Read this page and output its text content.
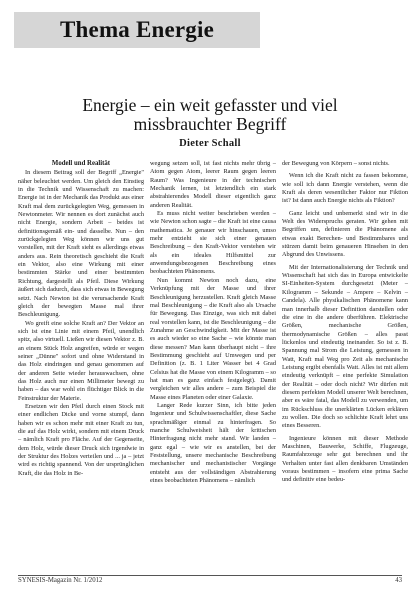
Thema Energie
Energie – ein weit gefasster und viel
missbrauchter Begriff
Dieter Schall
Modell und Realität

In diesem Beitrag soll der Begriff „Energie" näher beleuchtet werden. Um gleich den Einstieg in die Technik und Wissenschaft zu machen: Energie ist in der Mechanik das Produkt aus einer Kraft mal dem zurückgelegten Weg, gemessen in Newtonmeter. Wir nennen es dort zunächst auch nicht Energie, sondern Arbeit – beides ist definitionsgemäß ein- und dasselbe. Nun – den zurückgelegten Weg können wir uns gut vorstellen, mit der Kraft sieht es allerdings etwas anders aus. Rein theoretisch geschieht die Kraft ein Vektor, also eine Wirkung mit einer bestimmten Stärke und einer bestimmten Richtung, dargestellt als Pfeil. Diese Wirkung äußert sich dadurch, dass sich etwas in Bewegung setzt. Nach Newton ist die verursachende Kraft gleich der bewegten Masse mal ihrer Beschleunigung.

Wo greift eine solche Kraft an? Der Vektor an sich ist eine Linie mit einem Pfeil, unendlich spitz, also virtuell. Ließen wir diesen Vektor z. B. an einem Stück Holz angreifen, würde er wegen seiner „Dünne" sofort und ohne Widerstand in das Holz eindringen und genau genommen auf der anderen Seite wieder herauswachsen, ohne das Holz auch nur einen Millimeter bewegt zu haben – das war wohl ein flüchtiger Blick in die Feinstruktur der Materie.

Ersetzen wir den Pfeil durch einen Stock mit einer endlichen Dicke und vorne stumpf, dann haben wir es schon mehr mit einer Kraft zu tun, die auf das Holz wirkt, sondern mit einem Druck – nämlich Kraft pro Fläche. Auf der Gegenseite, dem Holz, würde dieser Druck sich irgendwie in der Struktur des Holzes verteilen und ... ja – jetzt wird es richtig spannend. Von der ursprünglichen Kraft, die das Holz in Be-

wegung setzen soll, ist fast nichts mehr übrig – Atom gegen Atom, leerer Raum gegen leeren Raum? Was Ingenieure in der technischen Mechanik lernen, ist letztendlich ein stark abstrahierendes Modell dieser eigentlich ganz anderen Realität.

Es muss nicht weiter beschrieben werden – wie Newton schon sagte – die Kraft ist eine causa mathematica. Je genauer wir hinschauen, umso mehr entzieht sie sich einer genauen Beschreibung – den Kraft-Vektor verstehen wir als ein ideales Hilfsmittel zur anwendungsbezogenen Beschreibung eines beobachteten Phänomens.

Nun kommt Newton noch dazu, eine Verknüpfung mit der Masse und ihrer Beschleunigung herzustellen. Kraft gleich Masse mal Beschleunigung – die Kraft also als Ursache für Bewegung. Das Einzige, was sich mit dabei real vorstellen kann, ist die Beschleunigung – die Zunahme an Geschwindigkeit. Mit der Masse ist es auch wieder so eine Sache – wie könnte man diese messen? Man kann überhaupt nicht – ihre Bestimmung geschieht auf Umwegen und per Definition (z. B. 1 Liter Wasser bei 4 Grad Celsius hat die Masse von einem Kilogramm – so hat man es ganz einfach festgelegt). Damit vergleichen wir alles andere – zum Beispiel die Masse eines Planeten oder einer Galaxie.

Langer Rede kurzer Sinn, ich bitte jeden Ingenieur und Schulwissenschaftler, diese Sache sprachmäßiger einmal zu hinterfragen. So manche Schulweisheit hält der kritischen Hinterfragung nicht mehr stand. Wir landen – ganz egal – wie wir es anstellen, bei der Feststellung, unsere mechanische Beschreibung mechanischer und mechanistischer Vorgänge entsteht aus der vollständigen Abstrahierung eines beobachteten Phänomens – nämlich

der Bewegung von Körpern – sonst nichts.

Wenn ich die Kraft nicht zu fassen bekomme, wie soll ich dann Energie verstehen, wenn die Kraft als deren wesentlicher Faktor nur Fiktion ist? Ist dann auch Energie nichts als Fiktion?

Ganz leicht und unbemerkt sind wir in die Welt des Widerspruchs geraten. Wir gehen mit Begriffen um, definieren die Phänomene als etwas exakt Berechen- und Bestimmbares und stürzen damit beim genaueren Hinsehen in den Abgrund des Unwissens.

Mit der Internationalisierung der Technik und Wissenschaft hat sich das in Europa entwickelte SI-Einheiten-System durchgesetzt (Meter – Kilogramm – Sekunde – Ampere – Kelvin – Candela). Alle physikalischen Phänomene kann man innerhalb dieser Definition darstellen oder die eine in die andere überführen. Elektrische Größen, mechanische Größen, thermodynamische Größen – alles passt lückenlos und eindeutig ineinander. So ist z. B. Spannung mal Strom die Leistung, gemessen in Watt, Kraft mal Weg pro Zeit als mechanische Leistung ergibt ebenfalls Watt. Alles ist mit allem eindeutig verknüpft – eine perfekte Simulation der Realität – oder doch nicht? Wir dürfen mit diesem perfekten Modell unserer Welt berechnen, aber es wäre fatal, das Modell zu verwenden, um im Rückschluss die unerklärten Lücken erklären zu wollen. Die doch so schlichte Kraft lehrt uns eines Besseren.

Ingenieure können mit dieser Methode Maschinen, Bauwerke, Schiffe, Flugzeuge, Raumfahrzeuge sehr gut berechnen und ihr Verhalten unter fast allen denkbaren Umständen voraus bestimmen – insofern eine prima Sache und definitiv eine bedeu-

SYNESIS-Magazin Nr. 1/2012	43
